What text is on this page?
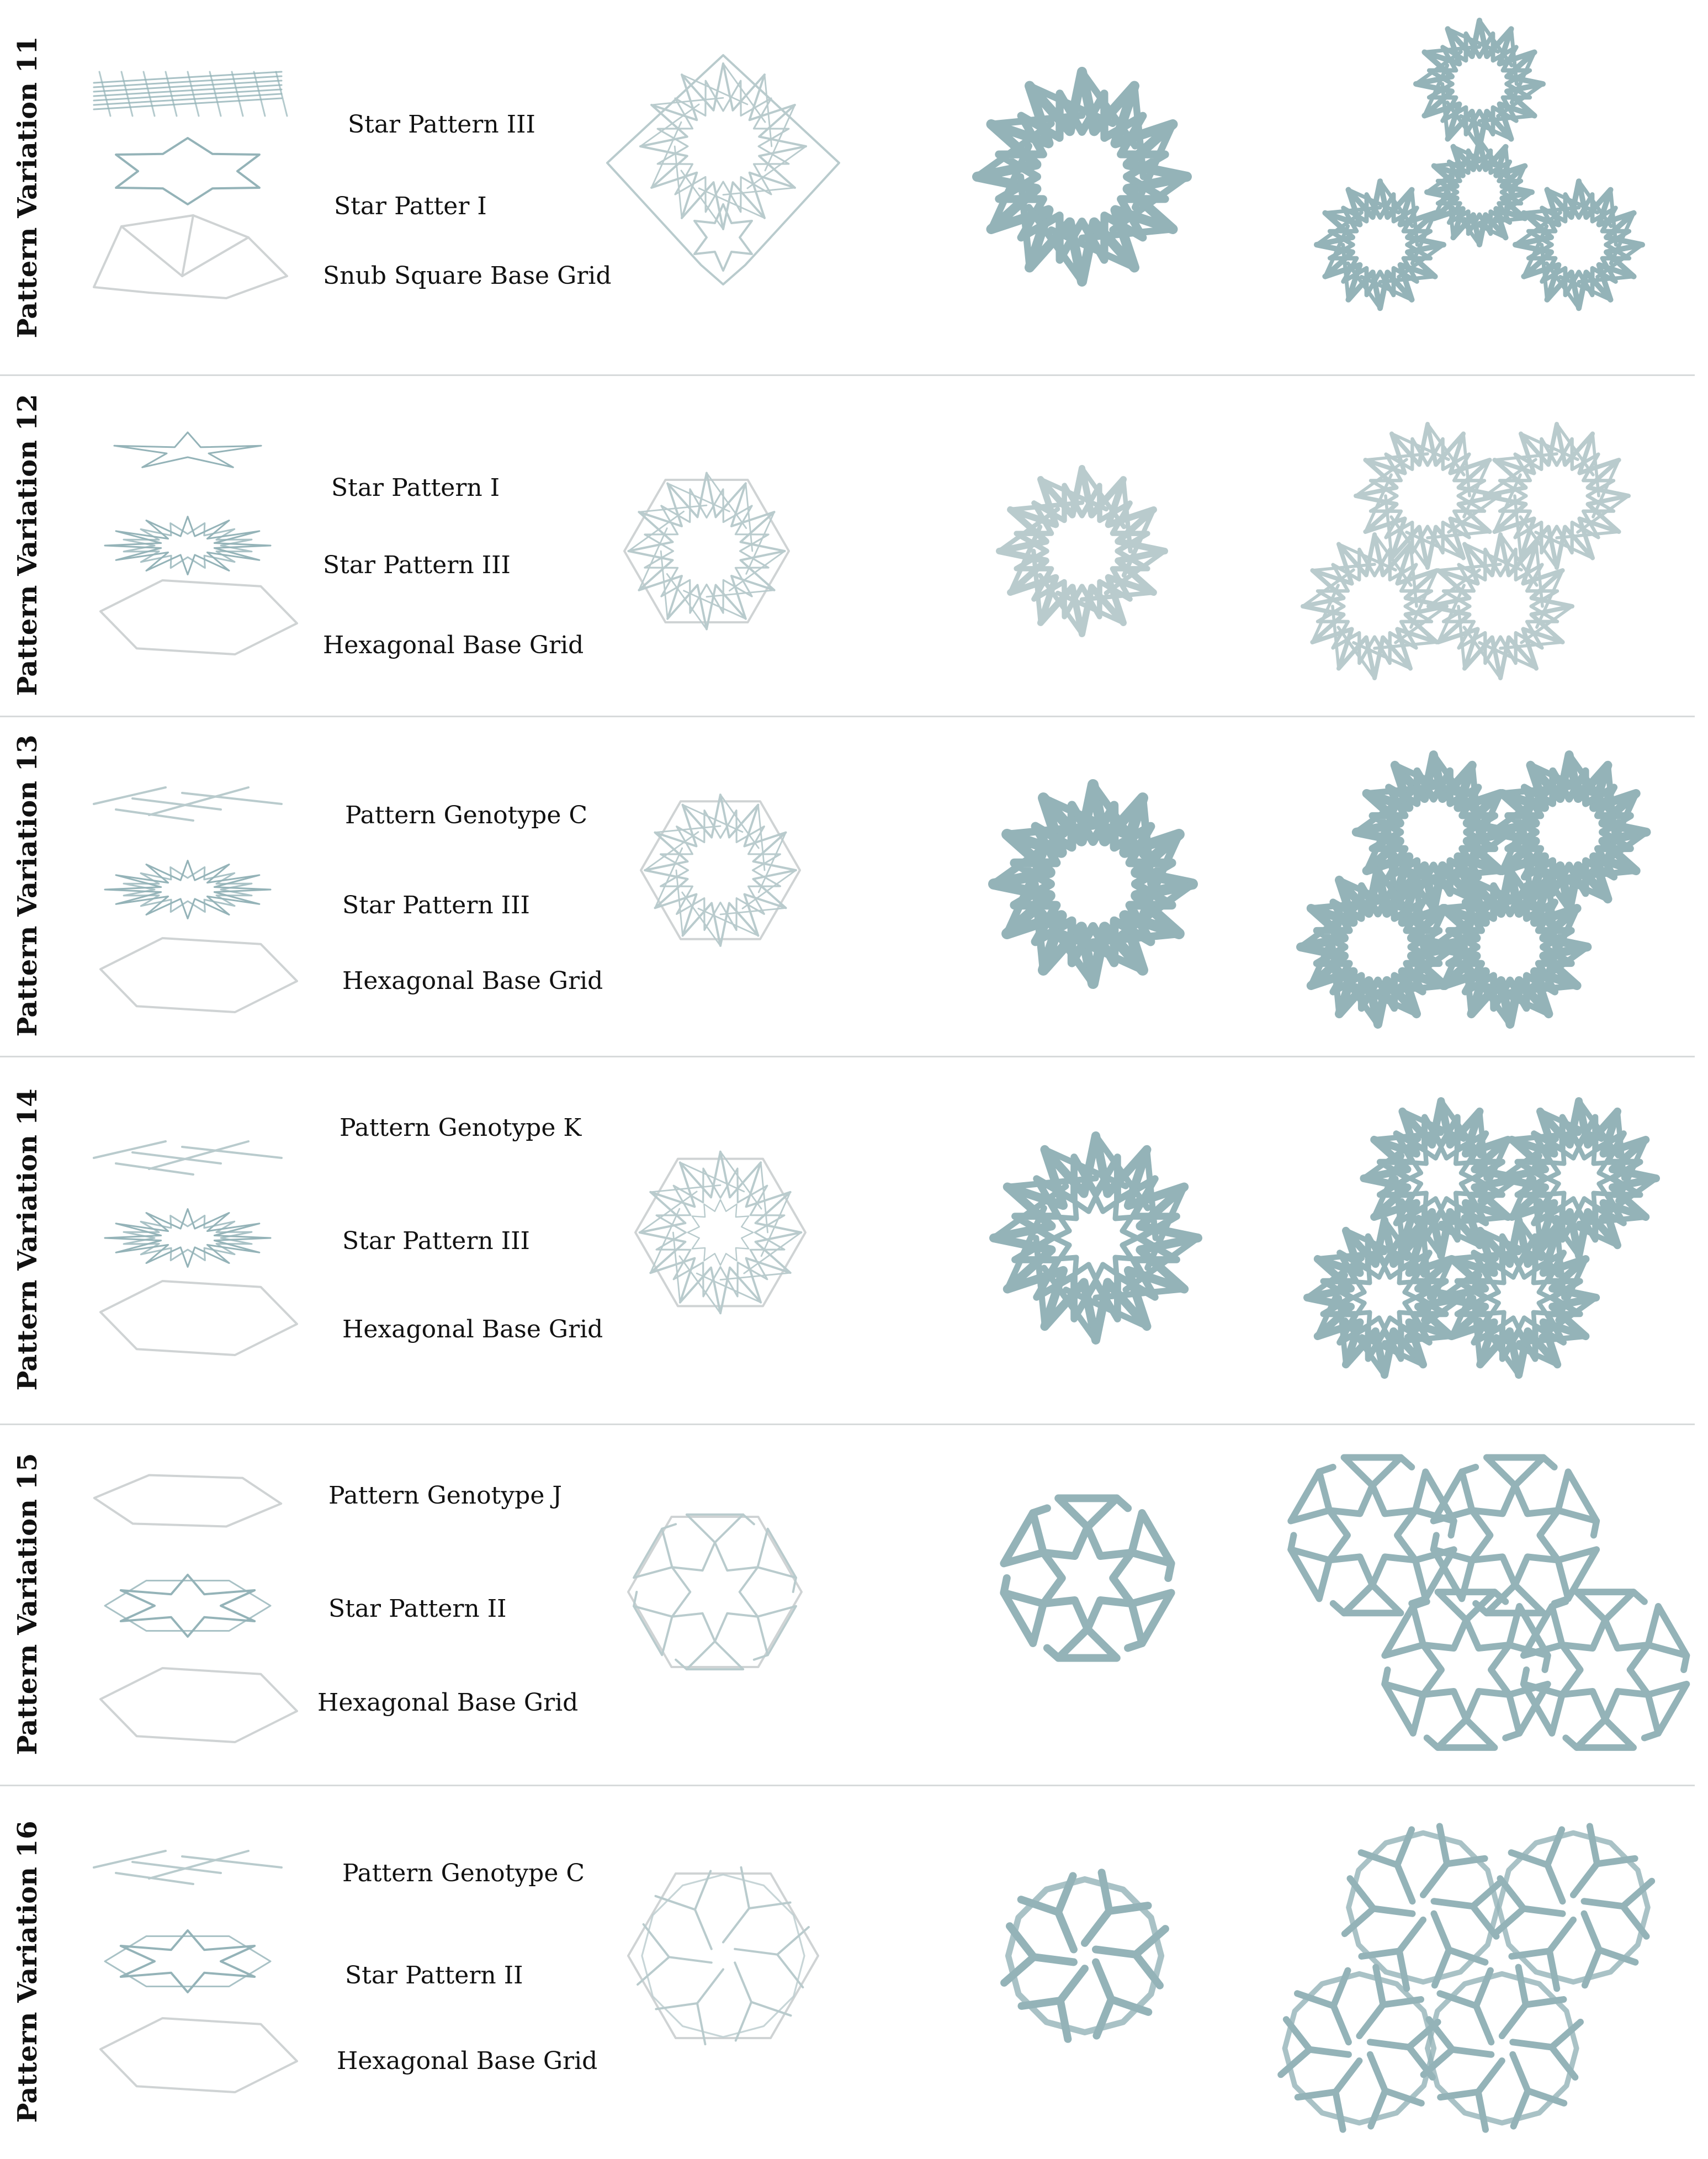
Pattern Variation 11	Star Pattern III
Star Patter I
Snub Square Base Grid
Pattern Variation 12	Star Pattern I
Star Pattern III
Hexagonal Base Grid
Pattern Variation 13	Pattern Genotype C
Star Pattern III
Hexagonal Base Grid
Pattern Variation 14	Pattern Genotype K
Star Pattern III
Hexagonal Base Grid
Pattern Variation 15	Pattern Genotype J
Star Pattern II
Hexagonal Base Grid
Pattern Variation 16	Pattern Genotype C
Star Pattern II
Hexagonal Base Grid
